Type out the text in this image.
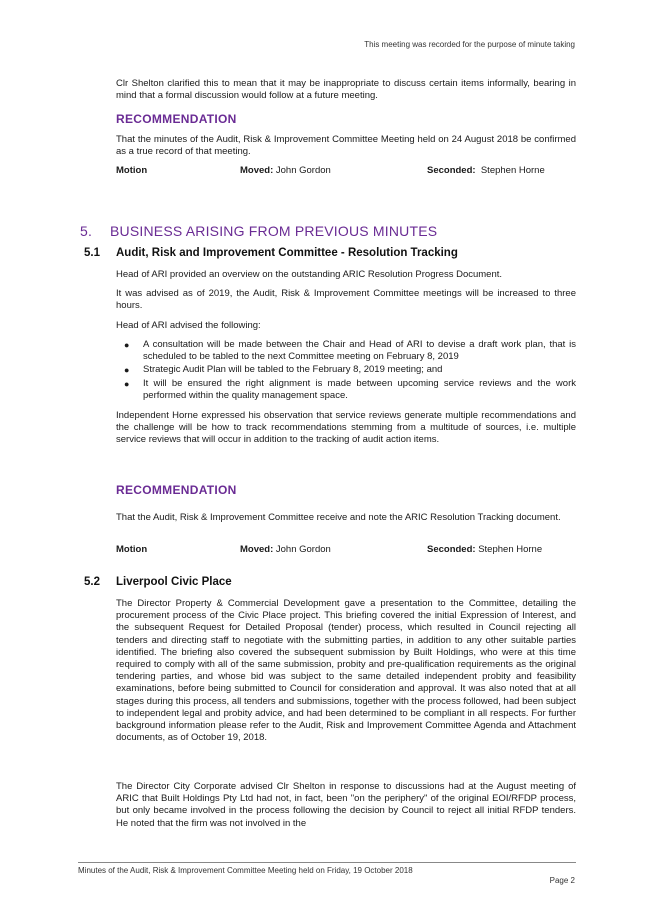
This meeting was recorded for the purpose of minute taking
Clr Shelton clarified this to mean that it may be inappropriate to discuss certain items informally, bearing in mind that a formal discussion would follow at a future meeting.
RECOMMENDATION
That the minutes of the Audit, Risk & Improvement Committee Meeting held on 24 August 2018 be confirmed as a true record of that meeting.
Motion	Moved: John Gordon	Seconded: Stephen Horne
5. BUSINESS ARISING FROM PREVIOUS MINUTES
5.1 Audit, Risk and Improvement Committee - Resolution Tracking
Head of ARI provided an overview on the outstanding ARIC Resolution Progress Document.
It was advised as of 2019, the Audit, Risk & Improvement Committee meetings will be increased to three hours.
Head of ARI advised the following:
● A consultation will be made between the Chair and Head of ARI to devise a draft work plan, that is scheduled to be tabled to the next Committee meeting on February 8, 2019
● Strategic Audit Plan will be tabled to the February 8, 2019 meeting; and
● It will be ensured the right alignment is made between upcoming service reviews and the work performed within the quality management space.
Independent Horne expressed his observation that service reviews generate multiple recommendations and the challenge will be how to track recommendations stemming from a multitude of sources, i.e. multiple service reviews that will occur in addition to the tracking of audit action items.
RECOMMENDATION
That the Audit, Risk & Improvement Committee receive and note the ARIC Resolution Tracking document.
Motion	Moved: John Gordon	Seconded: Stephen Horne
5.2 Liverpool Civic Place
The Director Property & Commercial Development gave a presentation to the Committee, detailing the procurement process of the Civic Place project. This briefing covered the initial Expression of Interest, and the subsequent Request for Detailed Proposal (tender) process, which resulted in Council rejecting all tenders and directing staff to negotiate with the submitting parties, in addition to any other suitable parties identified. The briefing also covered the subsequent submission by Built Holdings, who were at this time required to comply with all of the same submission, probity and pre-qualification requirements as the original tendering parties, and whose bid was subject to the same detailed independent probity and feasibility examinations, before being submitted to Council for consideration and approval. It was also noted that at all stages during this process, all tenders and submissions, together with the process followed, had been subject to independent legal and probity advice, and had been determined to be compliant in all respects. For further background information please refer to the Audit, Risk and Improvement Committee Agenda and Attachment documents, as of October 19, 2018.
The Director City Corporate advised Clr Shelton in response to discussions had at the August meeting of ARIC that Built Holdings Pty Ltd had not, in fact, been "on the periphery" of the original EOI/RFDP process, but only became involved in the process following the decision by Council to reject all initial RFDP tenders. He noted that the firm was not involved in the
Minutes of the Audit, Risk & Improvement Committee Meeting held on Friday, 19 October 2018
Page 2
